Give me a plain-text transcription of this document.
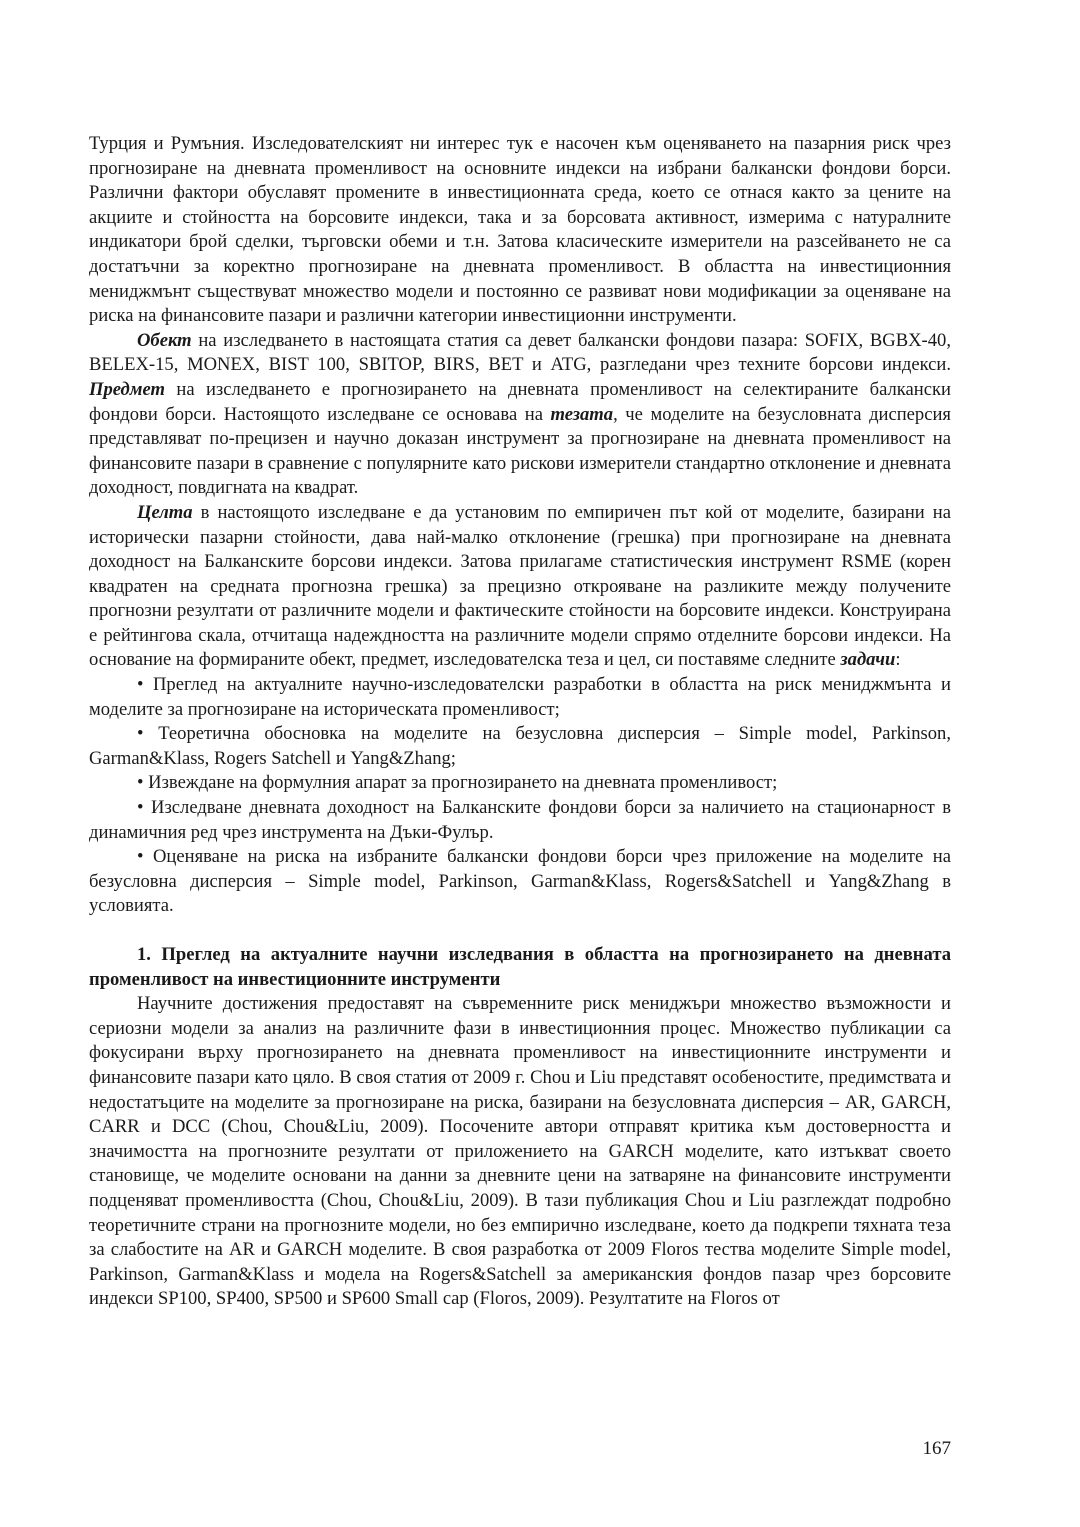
Турция и Румъния. Изследователският ни интерес тук е насочен към оценяването на пазарния риск чрез прогнозиране на дневната променливост на основните индекси на избрани балкански фондови борси. Различни фактори обуславят промените в инвестиционната среда, което се отнася както за цените на акциите и стойността на борсовите индекси, така и за борсовата активност, измерима с натуралните индикатори брой сделки, търговски обеми и т.н. Затова класическите измерители на разсейването не са достатъчни за коректно прогнозиране на дневната променливост. В областта на инвестиционния мениджмънт съществуват множество модели и постоянно се развиват нови модификации за оценяване на риска на финансовите пазари и различни категории инвестиционни инструменти.

Обект на изследването в настоящата статия са девет балкански фондови пазара: SOFIX, BGBX-40, BELEX-15, MONEX, BIST 100, SBITOP, BIRS, BET и ATG, разгледани чрез техните борсови индекси. Предмет на изследването е прогнозирането на дневната променливост на селектираните балкански фондови борси. Настоящото изследване се основава на тезата, че моделите на безусловната дисперсия представляват по-прецизен и научно доказан инструмент за прогнозиране на дневната променливост на финансовите пазари в сравнение с популярните като рискови измерители стандартно отклонение и дневната доходност, повдигната на квадрат.

Целта в настоящото изследване е да установим по емпиричен път кой от моделите, базирани на исторически пазарни стойности, дава най-малко отклонение (грешка) при прогнозиране на дневната доходност на Балканските борсови индекси. Затова прилагаме статистическия инструмент RSME (корен квадратен на средната прогнозна грешка) за прецизно открояване на разликите между получените прогнозни резултати от различните модели и фактическите стойности на борсовите индекси. Конструирана е рейтингова скала, отчитаща надеждността на различните модели спрямо отделните борсови индекси. На основание на формираните обект, предмет, изследователска теза и цел, си поставяме следните задачи:

• Преглед на актуалните научно-изследователски разработки в областта на риск мениджмънта и моделите за прогнозиране на историческата променливост;

• Теоретична обосновка на моделите на безусловна дисперсия – Simple model, Parkinson, Garman&Klass, Rogers Satchell и Yang&Zhang;

• Извеждане на формулния апарат за прогнозирането на дневната променливост;

• Изследване дневната доходност на Балканските фондови борси за наличието на стационарност в динамичния ред чрез инструмента на Дъки-Фулър.

• Оценяване на риска на избраните балкански фондови борси чрез приложение на моделите на безусловна дисперсия – Simple model, Parkinson, Garman&Klass, Rogers&Satchell и Yang&Zhang в условията.

1. Преглед на актуалните научни изследвания в областта на прогнозирането на дневната променливост на инвестиционните инструменти

Научните достижения предоставят на съвременните риск мениджъри множество възможности и сериозни модели за анализ на различните фази в инвестиционния процес. Множество публикации са фокусирани върху прогнозирането на дневната променливост на инвестиционните инструменти и финансовите пазари като цяло. В своя статия от 2009 г. Chou и Liu представят особеностите, предимствата и недостатъците на моделите за прогнозиране на риска, базирани на безусловната дисперсия – AR, GARCH, CARR и DCC (Chou, Chou&Liu, 2009). Посочените автори отправят критика към достоверността и значимостта на прогнозните резултати от приложението на GARCH моделите, като изтъкват своето становище, че моделите основани на данни за дневните цени на затваряне на финансовите инструменти подценяват променливостта (Chou, Chou&Liu, 2009). В тази публикация Chou и Liu разглеждат подробно теоретичните страни на прогнозните модели, но без емпирично изследване, което да подкрепи тяхната теза за слабостите на AR и GARCH моделите. В своя разработка от 2009 Floros тества моделите Simple model, Parkinson, Garman&Klass и модела на Rogers&Satchell за американския фондов пазар чрез борсовите индекси SP100, SP400, SP500 и SP600 Small cap (Floros, 2009). Резултатите на Floros от

167
